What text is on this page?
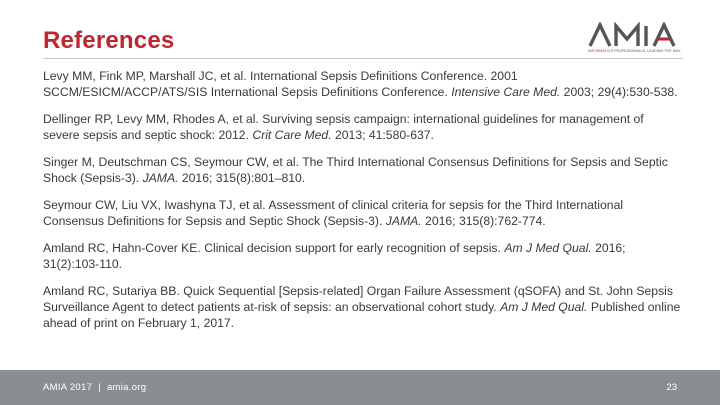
References	INFORMATICS PROFESSIONALS. LEADING THE WAY.

Levy MM, Fink MP, Marshall JC, et al. International Sepsis Definitions Conference. 2001 SCCM/ESICM/ACCP/ATS/SIS International Sepsis Definitions Conference. Intensive Care Med. 2003; 29(4):530-538.

Dellinger RP, Levy MM, Rhodes A, et al. Surviving sepsis campaign: international guidelines for management of severe sepsis and septic shock: 2012. Crit Care Med. 2013; 41:580-637.

Singer M, Deutschman CS, Seymour CW, et al. The Third International Consensus Definitions for Sepsis and Septic Shock (Sepsis-3). JAMA. 2016; 315(8):801–810.

Seymour CW, Liu VX, Iwashyna TJ, et al. Assessment of clinical criteria for sepsis for the Third International Consensus Definitions for Sepsis and Septic Shock (Sepsis-3). JAMA. 2016; 315(8):762-774.

Amland RC, Hahn-Cover KE. Clinical decision support for early recognition of sepsis. Am J Med Qual. 2016; 31(2):103-110.

Amland RC, Sutariya BB. Quick Sequential [Sepsis-related] Organ Failure Assessment (qSOFA) and St. John Sepsis Surveillance Agent to detect patients at-risk of sepsis: an observational cohort study. Am J Med Qual. Published online ahead of print on February 1, 2017.

AMIA 2017 | amia.org	23
